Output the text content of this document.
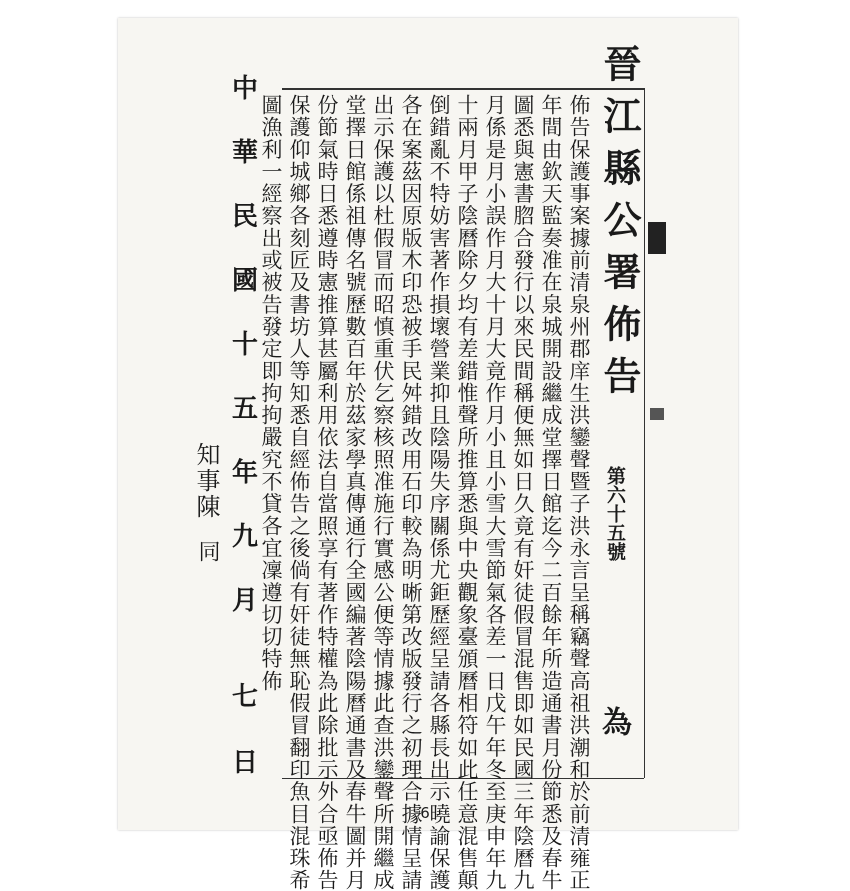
晉江縣公署佈告
第六十五號
為
佈告保護事案據前清泉州郡庠生洪鑾聲暨子洪永言呈稱竊聲高祖洪潮和於前清雍正
年間由欽天監奏准在泉城開設繼成堂擇日館迄今二百餘年所造通書月份節悉及春牛
圖悉與憲書脗合發行以來民間稱便無如日久竟有奸徒假冒混售即如民國三年陰曆九
月係是月小誤作月大十月大竟作月小且小雪大雪節氣各差一日戊午年冬至庚申年九
十兩月甲子陰曆除夕均有差錯惟聲所推算悉與中央觀象臺頒曆相符如此任意混售顛
倒錯亂不特妨害著作損壞營業抑且陰陽失序關係尤鉅歷經呈請各縣長出示曉諭保護
各在案茲因原版木印恐被手民舛錯改用石印較為明晰第改版發行之初理合據情呈請
出示保護以杜假冒而昭慎重伏乞察核照准施行實感公便等情據此查洪鑾聲所開繼成
堂擇日館係祖傳名號歷數百年於茲家學真傳通行全國編著陰陽曆通書及春牛圖并月
份節氣時日悉遵時憲推算甚屬利用依法自當照享有著作特權為此除批示外合亟佈告
保護仰城鄉各刻匠及書坊人等知悉自經佈告之後倘有奸徒無恥假冒翻印魚目混珠希
圖漁利一經察出或被告發定即拘拘嚴究不貸各宜凜遵切切特佈
中
華
民
國
十
五
年
九
月
七
日
知事陳
同
6
